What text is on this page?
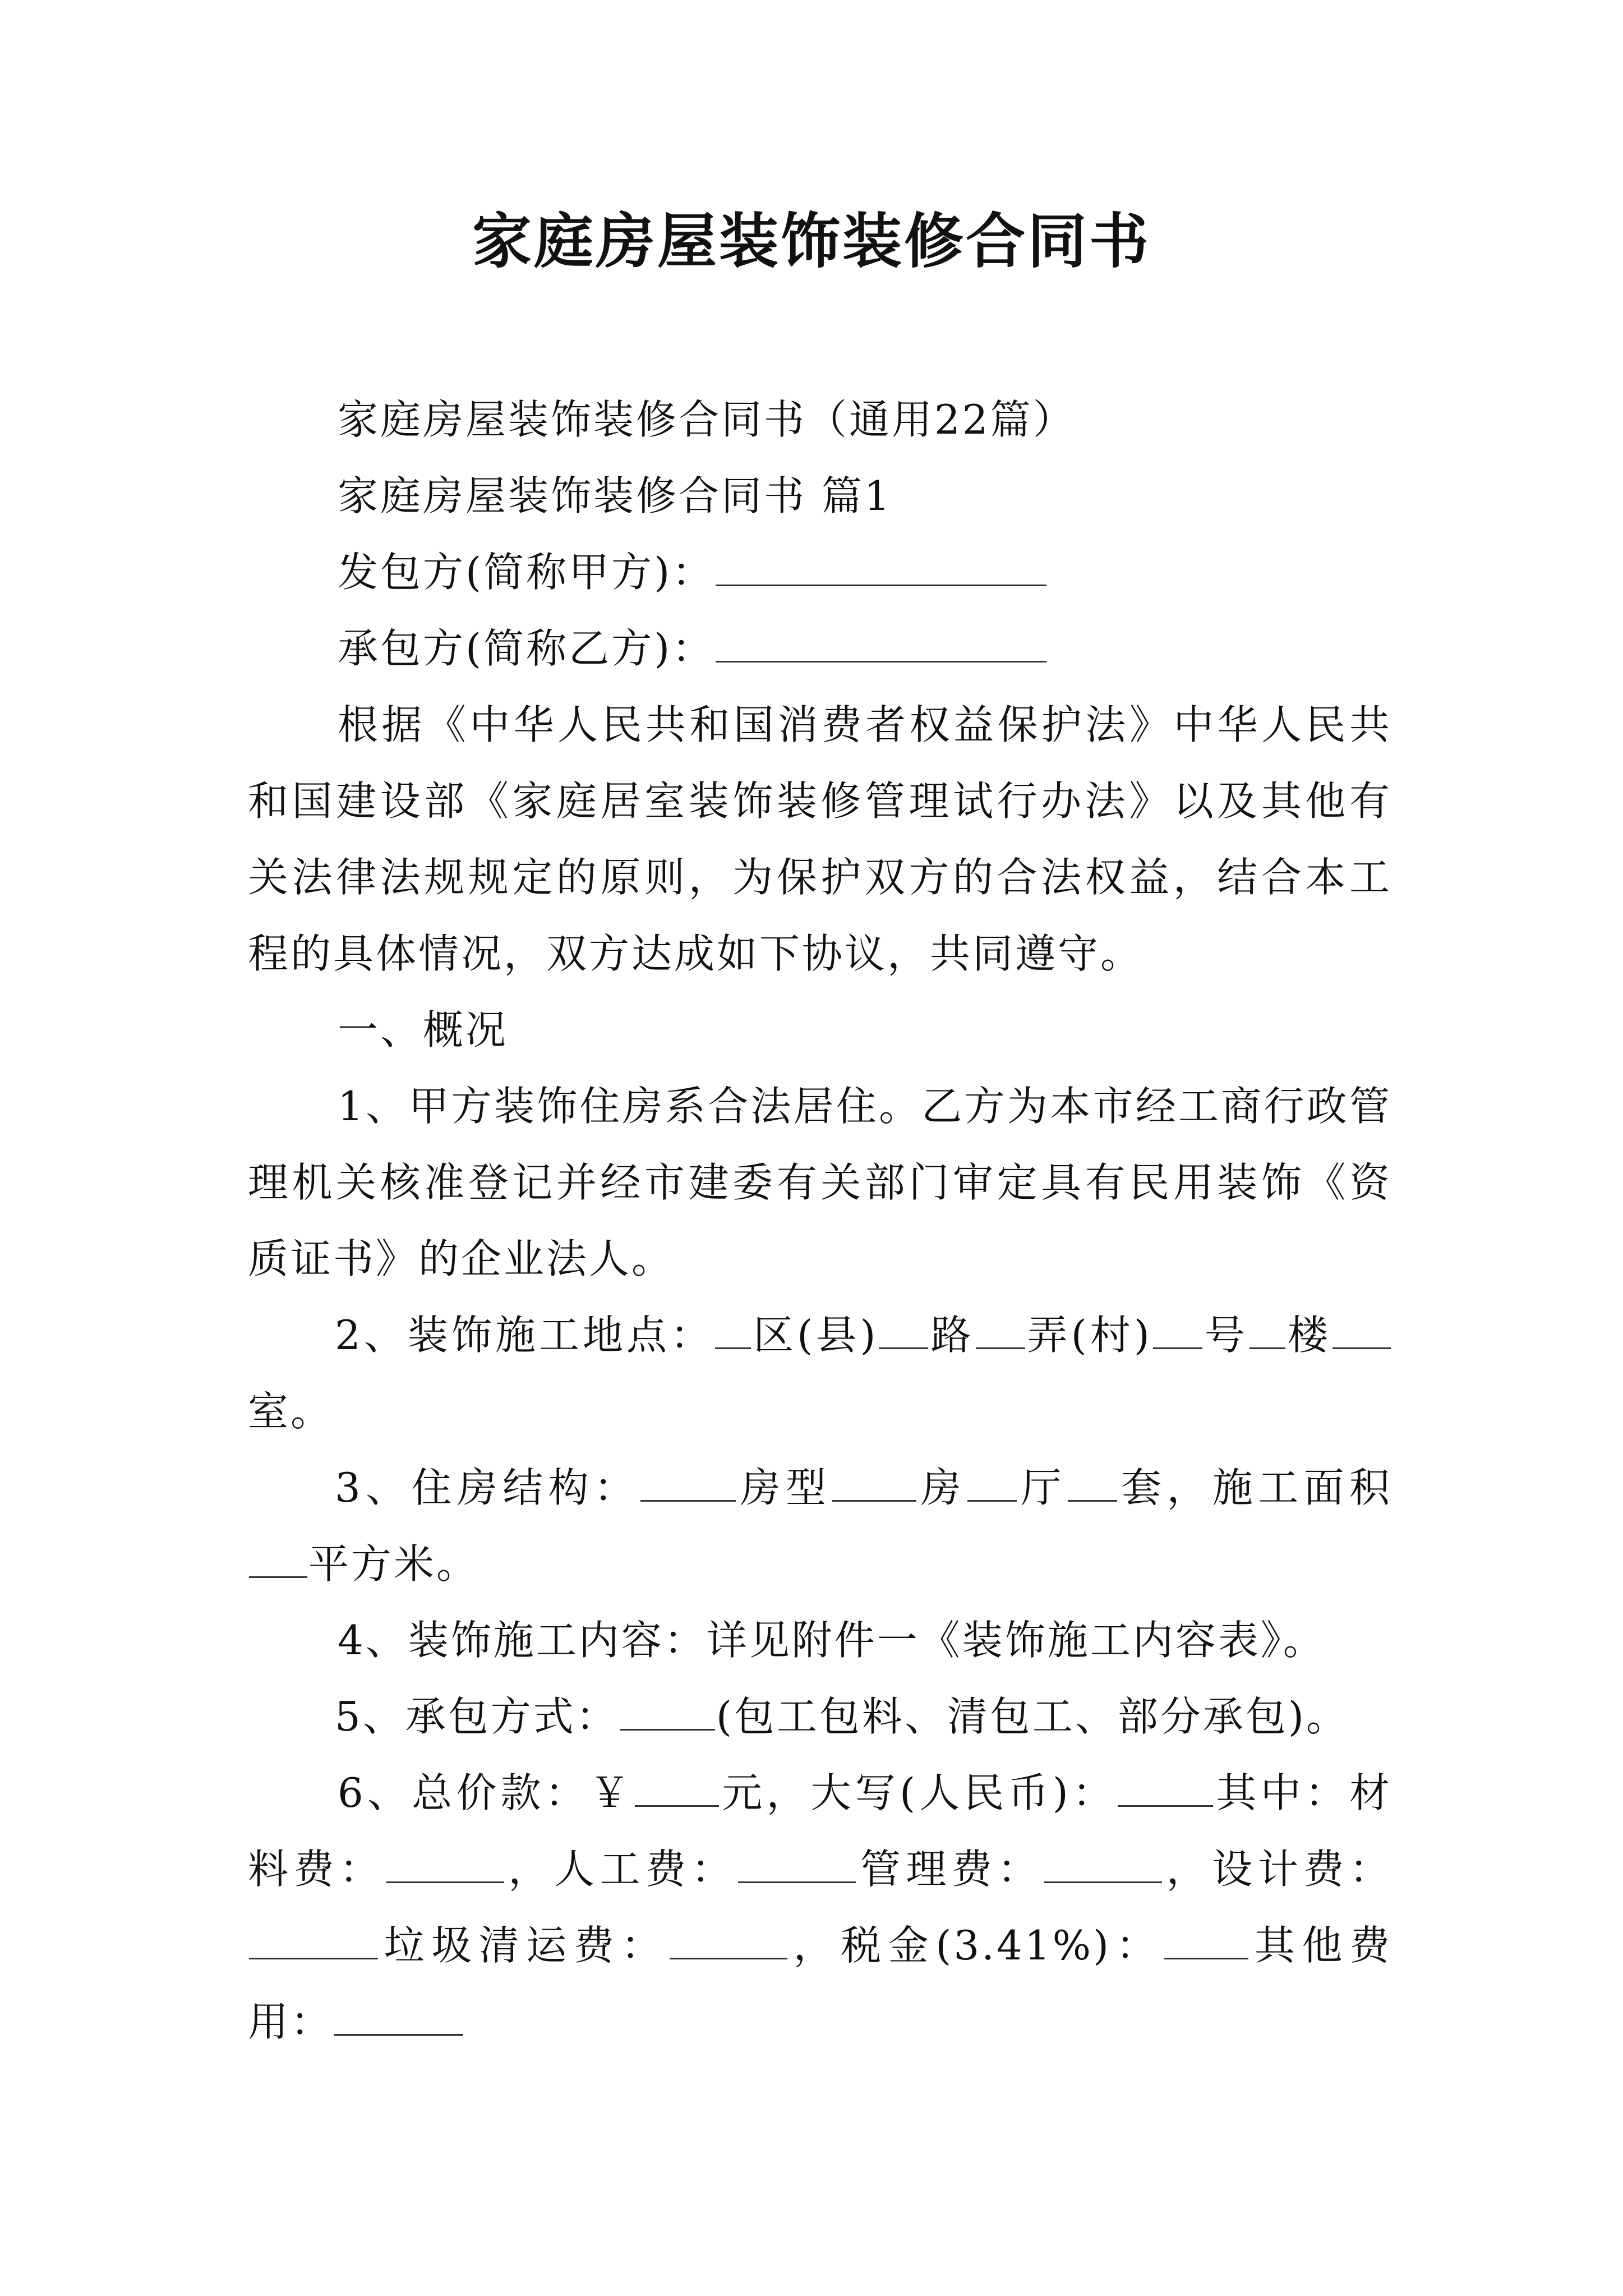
家庭房屋装饰装修合同书

家庭房屋装饰装修合同书（通用22篇）

家庭房屋装饰装修合同书 篇1

发包方(简称甲方)：

承包方(简称乙方)：

根据《中华人民共和国消费者权益保护法》中华人民共和国建设部《家庭居室装饰装修管理试行办法》以及其他有关法律法规规定的原则，为保护双方的合法权益，结合本工程的具体情况，双方达成如下协议，共同遵守。

一、概况

1、甲方装饰住房系合法居住。乙方为本市经工商行政管理机关核准登记并经市建委有关部门审定具有民用装饰《资质证书》的企业法人。

2、装饰施工地点： 区(县) 路 弄(村) 号 楼室。

3、住房结构： 房型 房 厅 套，施工面积平方米。

4、装饰施工内容：详见附件一《装饰施工内容表》。

5、承包方式： (包工包料、清包工、部分承包)。

6、总价款：￥ 元，大写(人民币)： 其中：材料费：	，人工费：	管理费：	，设计费：垃圾清运费：	，税金(3.41%)： 其他费用：
